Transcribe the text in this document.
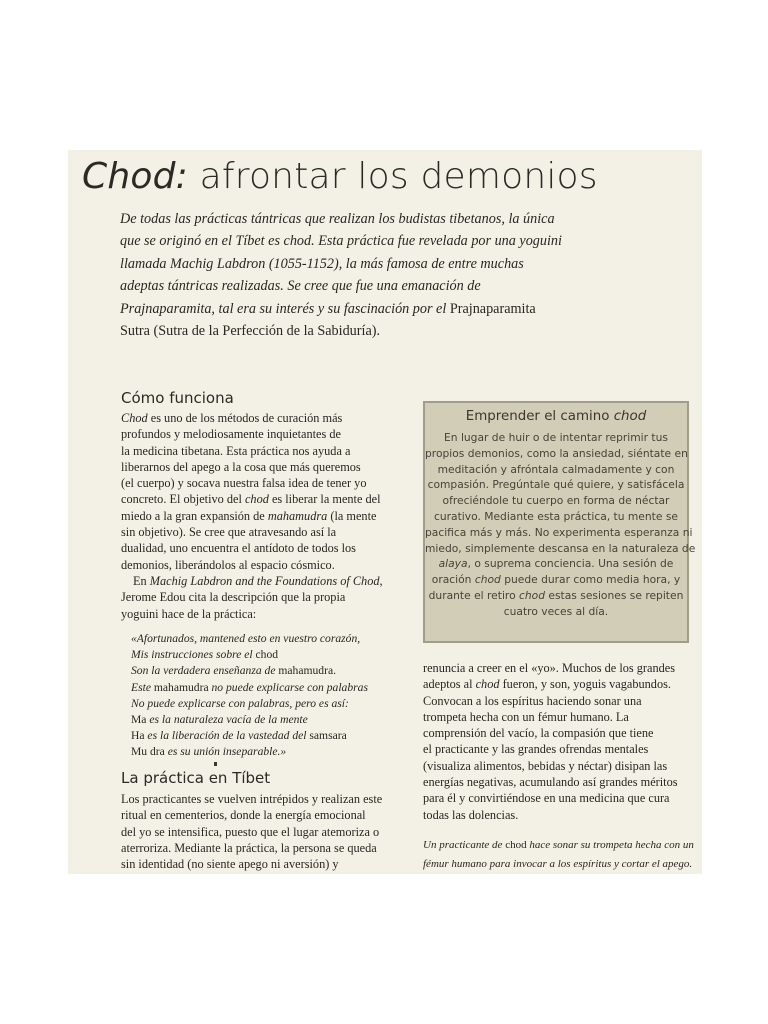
Chod: afrontar los demonios
De todas las prácticas tántricas que realizan los budistas tibetanos, la única
que se originó en el Tíbet es chod. Esta práctica fue revelada por una yoguini
llamada Machig Labdron (1055-1152), la más famosa de entre muchas
adeptas tántricas realizadas. Se cree que fue una emanación de
Prajnaparamita, tal era su interés y su fascinación por el Prajnaparamita
Sutra (Sutra de la Perfección de la Sabiduría).
Cómo funciona
Chod es uno de los métodos de curación más
profundos y melodiosamente inquietantes de
la medicina tibetana. Esta práctica nos ayuda a
liberarnos del apego a la cosa que más queremos
(el cuerpo) y socava nuestra falsa idea de tener yo
concreto. El objetivo del chod es liberar la mente del
miedo a la gran expansión de mahamudra (la mente
sin objetivo). Se cree que atravesando así la
dualidad, uno encuentra el antídoto de todos los
demonios, liberándolos al espacio cósmico.
En Machig Labdron and the Foundations of Chod,
Jerome Edou cita la descripción que la propia
yoguini hace de la práctica:
«Afortunados, mantened esto en vuestro corazón,
Mis instrucciones sobre el chod
Son la verdadera enseñanza de mahamudra.
Este mahamudra no puede explicarse con palabras
No puede explicarse con palabras, pero es así:
Ma es la naturaleza vacía de la mente
Ha es la liberación de la vastedad del samsara
Mu dra es su unión inseparable.»
La práctica en Tíbet
Los practicantes se vuelven intrépidos y realizan este
ritual en cementerios, donde la energía emocional
del yo se intensifica, puesto que el lugar atemoriza o
aterroriza. Mediante la práctica, la persona se queda
sin identidad (no siente apego ni aversión) y
Emprender el camino chod
En lugar de huir o de intentar reprimir tus
propios demonios, como la ansiedad, siéntate en
meditación y afróntala calmadamente y con
compasión. Pregúntale qué quiere, y satisfácela
ofreciéndole tu cuerpo en forma de néctar
curativo. Mediante esta práctica, tu mente se
pacifica más y más. No experimenta esperanza ni
miedo, simplemente descansa en la naturaleza de
alaya, o suprema conciencia. Una sesión de
oración chod puede durar como media hora, y
durante el retiro chod estas sesiones se repiten
cuatro veces al día.
renuncia a creer en el «yo». Muchos de los grandes
adeptos al chod fueron, y son, yoguis vagabundos.
Convocan a los espíritus haciendo sonar una
trompeta hecha con un fémur humano. La
comprensión del vacío, la compasión que tiene
el practicante y las grandes ofrendas mentales
(visualiza alimentos, bebidas y néctar) disipan las
energías negativas, acumulando así grandes méritos
para él y convirtiéndose en una medicina que cura
todas las dolencias.
Un practicante de chod hace sonar su trompeta hecha con un
fémur humano para invocar a los espíritus y cortar el apego.
